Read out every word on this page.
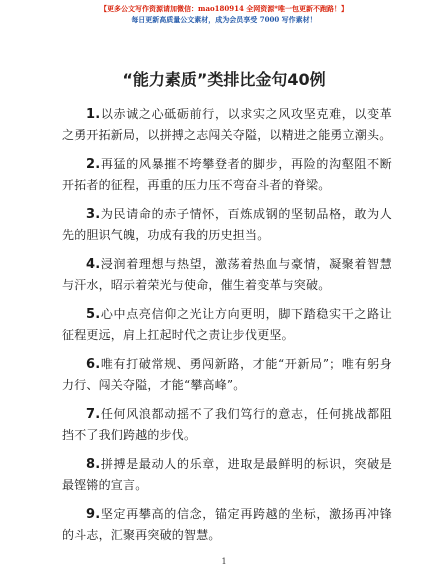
【更多公文写作资源请加微信：mao180914 全网资源*唯一包更新不跑路！】
每日更新高质量公文素材，成为会员享受 7000 写作素材！
“能力素质”类排比金句40例

1.以赤诚之心砥砺前行，以求实之风攻坚克难，以变革之勇开拓新局，以拼搏之志闯关夺隘，以精进之能勇立潮头。

2.再猛的风暴摧不垮攀登者的脚步，再险的沟壑阻不断开拓者的征程，再重的压力压不弯奋斗者的脊梁。

3.为民请命的赤子情怀，百炼成钢的坚韧品格，敢为人先的胆识气魄，功成有我的历史担当。

4.浸润着理想与热望，激荡着热血与豪情，凝聚着智慧与汗水，昭示着荣光与使命，催生着变革与突破。

5.心中点亮信仰之光让方向更明，脚下踏稳实干之路让征程更远，肩上扛起时代之责让步伐更坚。

6.唯有打破常规、勇闯新路，才能“开新局”；唯有躬身力行、闯关夺隘，才能“攀高峰”。

7.任何风浪都动摇不了我们笃行的意志，任何挑战都阻挡不了我们跨越的步伐。

8.拼搏是最动人的乐章，进取是最鲜明的标识，突破是最铿锵的宣言。

9.坚定再攀高的信念，锚定再跨越的坐标，激扬再冲锋的斗志，汇聚再突破的智慧。

1
